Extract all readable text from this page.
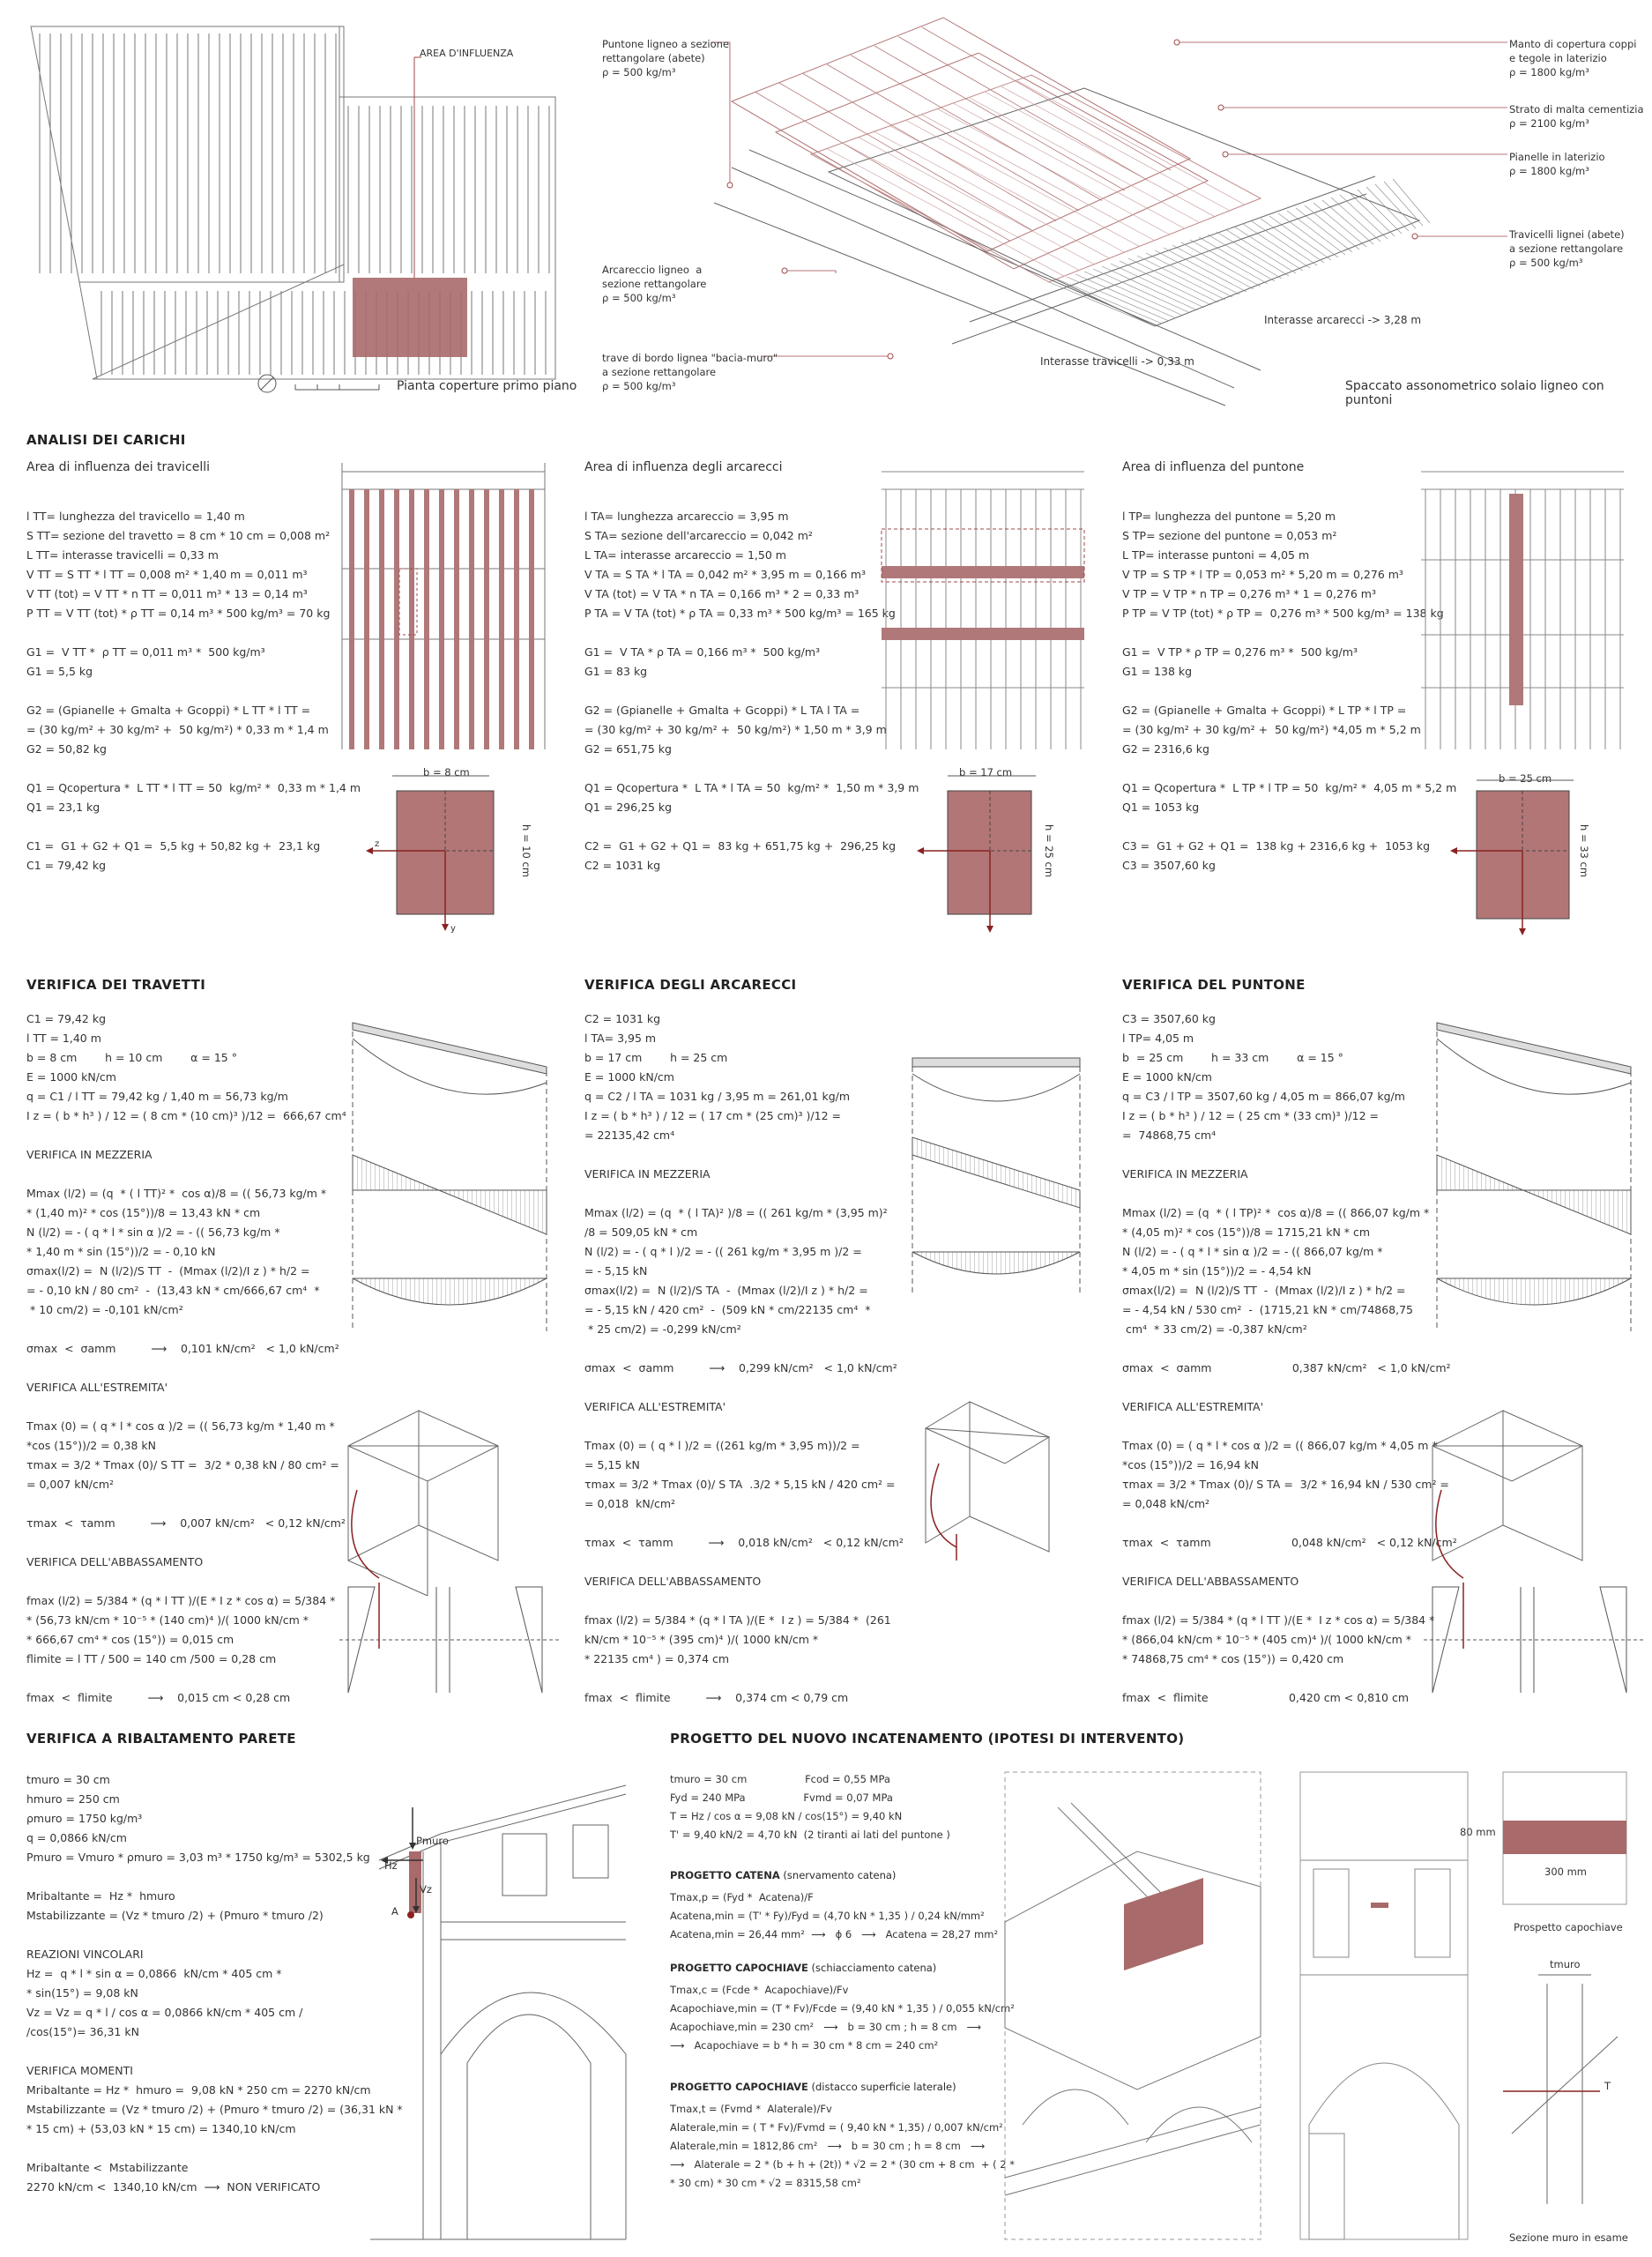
AREA D'INFLUENZA
Pianta coperture primo piano
Puntone ligneo a sezione
rettangolare (abete)
ρ = 500 kg/m³
Arcareccio ligneo  a
sezione rettangolare
ρ = 500 kg/m³
trave di bordo lignea "bacia-muro"
a sezione rettangolare
ρ = 500 kg/m³
Manto di copertura coppi
e tegole in laterizio
ρ = 1800 kg/m³
Strato di malta cementizia
ρ = 2100 kg/m³
Pianelle in laterizio
ρ = 1800 kg/m³
Travicelli lignei (abete)
a sezione rettangolare
ρ = 500 kg/m³
Interasse arcarecci -> 3,28 m
Interasse travicelli -> 0,33 m
Spaccato assonometrico solaio ligneo con puntoni
ANALISI DEI CARICHI
Area di influenza dei travicelli
l TT= lunghezza del travicello = 1,40 m
S TT= sezione del travetto = 8 cm * 10 cm = 0,008 m²
L TT= interasse travicelli = 0,33 m
V TT = S TT * l TT = 0,008 m² * 1,40 m = 0,011 m³
V TT (tot) = V TT * n TT = 0,011 m³ * 13 = 0,14 m³
P TT = V TT (tot) * ρ TT = 0,14 m³ * 500 kg/m³ = 70 kg

G1 =  V TT *  ρ TT = 0,011 m³ *  500 kg/m³
G1 = 5,5 kg

G2 = (Gpianelle + Gmalta + Gcoppi) * L TT * l TT =
= (30 kg/m² + 30 kg/m² +  50 kg/m²) * 0,33 m * 1,4 m
G2 = 50,82 kg

Q1 = Qcopertura *  L TT * l TT = 50  kg/m² *  0,33 m * 1,4 m
Q1 = 23,1 kg

C1 =  G1 + G2 + Q1 =  5,5 kg + 50,82 kg +  23,1 kg
C1 = 79,42 kg
Area di influenza degli arcarecci
l TA= lunghezza arcareccio = 3,95 m
S TA= sezione dell'arcareccio = 0,042 m²
L TA= interasse arcareccio = 1,50 m
V TA = S TA * l TA = 0,042 m² * 3,95 m = 0,166 m³
V TA (tot) = V TA * n TA = 0,166 m³ * 2 = 0,33 m³
P TA = V TA (tot) * ρ TA = 0,33 m³ * 500 kg/m³ = 165 kg

G1 =  V TA * ρ TA = 0,166 m³ *  500 kg/m³
G1 = 83 kg

G2 = (Gpianelle + Gmalta + Gcoppi) * L TA l TA =
= (30 kg/m² + 30 kg/m² +  50 kg/m²) * 1,50 m * 3,9 m
G2 = 651,75 kg

Q1 = Qcopertura *  L TA * l TA = 50  kg/m² *  1,50 m * 3,9 m
Q1 = 296,25 kg

C2 =  G1 + G2 + Q1 =  83 kg + 651,75 kg +  296,25 kg
C2 = 1031 kg
Area di influenza del puntone
l TP= lunghezza del puntone = 5,20 m
S TP= sezione del puntone = 0,053 m²
L TP= interasse puntoni = 4,05 m
V TP = S TP * l TP = 0,053 m² * 5,20 m = 0,276 m³
V TP = V TP * n TP = 0,276 m³ * 1 = 0,276 m³
P TP = V TP (tot) * ρ TP =  0,276 m³ * 500 kg/m³ = 138 kg

G1 =  V TP * ρ TP = 0,276 m³ *  500 kg/m³
G1 = 138 kg

G2 = (Gpianelle + Gmalta + Gcoppi) * L TP * l TP =
= (30 kg/m² + 30 kg/m² +  50 kg/m²) *4,05 m * 5,2 m
G2 = 2316,6 kg

Q1 = Qcopertura *  L TP * l TP = 50  kg/m² *  4,05 m * 5,2 m
Q1 = 1053 kg

C3 =  G1 + G2 + Q1 =  138 kg + 2316,6 kg +  1053 kg
C3 = 3507,60 kg
b = 8 cm
z
y
h = 10 cm
b = 17 cm
h = 25 cm
b = 25 cm
h = 33 cm
VERIFICA DEI TRAVETTI
C1 = 79,42 kg
l TT = 1,40 m
b = 8 cm        h = 10 cm        α = 15 °
E = 1000 kN/cm
q = C1 / l TT = 79,42 kg / 1,40 m = 56,73 kg/m
I z = ( b * h³ ) / 12 = ( 8 cm * (10 cm)³ )/12 =  666,67 cm⁴

VERIFICA IN MEZZERIA

Mmax (l/2) = (q  * ( l TT)² *  cos α)/8 = (( 56,73 kg/m *
* (1,40 m)² * cos (15°))/8 = 13,43 kN * cm
N (l/2) = - ( q * l * sin α )/2 = - (( 56,73 kg/m *
* 1,40 m * sin (15°))/2 = - 0,10 kN
σmax(l/2) =  N (l/2)/S TT  -  (Mmax (l/2)/I z ) * h/2 =
= - 0,10 kN / 80 cm²  -  (13,43 kN * cm/666,67 cm⁴  *
* 10 cm/2) = -0,101 kN/cm²

σmax  <  σamm          ⟶    0,101 kN/cm²   < 1,0 kN/cm²

VERIFICA ALL'ESTREMITA'

Tmax (0) = ( q * l * cos α )/2 = (( 56,73 kg/m * 1,40 m *
*cos (15°))/2 = 0,38 kN
τmax = 3/2 * Tmax (0)/ S TT =  3/2 * 0,38 kN / 80 cm² =
= 0,007 kN/cm²

τmax  <  τamm          ⟶    0,007 kN/cm²   < 0,12 kN/cm²

VERIFICA DELL'ABBASSAMENTO

fmax (l/2) = 5/384 * (q * l TT )/(E * I z * cos α) = 5/384 *
* (56,73 kN/cm * 10⁻⁵ * (140 cm)⁴ )/( 1000 kN/cm *
* 666,67 cm⁴ * cos (15°)) = 0,015 cm
flimite = l TT / 500 = 140 cm /500 = 0,28 cm

fmax  <  flimite          ⟶    0,015 cm < 0,28 cm
VERIFICA DEGLI ARCARECCI
C2 = 1031 kg
l TA= 3,95 m
b = 17 cm        h = 25 cm
E = 1000 kN/cm
q = C2 / l TA = 1031 kg / 3,95 m = 261,01 kg/m
I z = ( b * h³ ) / 12 = ( 17 cm * (25 cm)³ )/12 =
= 22135,42 cm⁴

VERIFICA IN MEZZERIA

Mmax (l/2) = (q  * ( l TA)² )/8 = (( 261 kg/m * (3,95 m)²
/8 = 509,05 kN * cm
N (l/2) = - ( q * l )/2 = - (( 261 kg/m * 3,95 m )/2 =
= - 5,15 kN
σmax(l/2) =  N (l/2)/S TA  -  (Mmax (l/2)/I z ) * h/2 =
= - 5,15 kN / 420 cm²  -  (509 kN * cm/22135 cm⁴  *
* 25 cm/2) = -0,299 kN/cm²

σmax  <  σamm          ⟶    0,299 kN/cm²   < 1,0 kN/cm²

VERIFICA ALL'ESTREMITA'

Tmax (0) = ( q * l )/2 = ((261 kg/m * 3,95 m))/2 =
= 5,15 kN
τmax = 3/2 * Tmax (0)/ S TA  .3/2 * 5,15 kN / 420 cm² =
= 0,018  kN/cm²

τmax  <  τamm          ⟶    0,018 kN/cm²   < 0,12 kN/cm²

VERIFICA DELL'ABBASSAMENTO

fmax (l/2) = 5/384 * (q * l TA )/(E *  I z ) = 5/384 *  (261
kN/cm * 10⁻⁵ * (395 cm)⁴ )/( 1000 kN/cm *
* 22135 cm⁴ ) = 0,374 cm

fmax  <  flimite          ⟶    0,374 cm < 0,79 cm
VERIFICA DEL PUNTONE
C3 = 3507,60 kg
l TP= 4,05 m
b  = 25 cm        h = 33 cm        α = 15 °
E = 1000 kN/cm
q = C3 / l TP = 3507,60 kg / 4,05 m = 866,07 kg/m
I z = ( b * h³ ) / 12 = ( 25 cm * (33 cm)³ )/12 =
=  74868,75 cm⁴

VERIFICA IN MEZZERIA

Mmax (l/2) = (q  * ( l TP)² *  cos α)/8 = (( 866,07 kg/m *
* (4,05 m)² * cos (15°))/8 = 1715,21 kN * cm
N (l/2) = - ( q * l * sin α )/2 = - (( 866,07 kg/m *
* 4,05 m * sin (15°))/2 = - 4,54 kN
σmax(l/2) =  N (l/2)/S TT  -  (Mmax (l/2)/I z ) * h/2 =
= - 4,54 kN / 530 cm²  -  (1715,21 kN * cm/74868,75
cm⁴  * 33 cm/2) = -0,387 kN/cm²

σmax  <  σamm                       0,387 kN/cm²   < 1,0 kN/cm²

VERIFICA ALL'ESTREMITA'

Tmax (0) = ( q * l * cos α )/2 = (( 866,07 kg/m * 4,05 m *
*cos (15°))/2 = 16,94 kN
τmax = 3/2 * Tmax (0)/ S TA =  3/2 * 16,94 kN / 530 cm² =
= 0,048 kN/cm²

τmax  <  τamm                       0,048 kN/cm²   < 0,12 kN/cm²

VERIFICA DELL'ABBASSAMENTO

fmax (l/2) = 5/384 * (q * l TT )/(E *  I z * cos α) = 5/384 *
* (866,04 kN/cm * 10⁻⁵ * (405 cm)⁴ )/( 1000 kN/cm *
* 74868,75 cm⁴ * cos (15°)) = 0,420 cm

fmax  <  flimite                       0,420 cm < 0,810 cm
VERIFICA A RIBALTAMENTO PARETE
tmuro = 30 cm
hmuro = 250 cm
ρmuro = 1750 kg/m³
q = 0,0866 kN/cm
Pmuro = Vmuro * ρmuro = 3,03 m³ * 1750 kg/m³ = 5302,5 kg

Mribaltante =  Hz *  hmuro
Mstabilizzante = (Vz * tmuro /2) + (Pmuro * tmuro /2)

REAZIONI VINCOLARI
Hz =  q * l * sin α = 0,0866  kN/cm * 405 cm *
* sin(15°) = 9,08 kN
Vz = Vz = q * l / cos α = 0,0866 kN/cm * 405 cm /
/cos(15°)= 36,31 kN

VERIFICA MOMENTI
Mribaltante = Hz *  hmuro =  9,08 kN * 250 cm = 2270 kN/cm
Mstabilizzante = (Vz * tmuro /2) + (Pmuro * tmuro /2) = (36,31 kN *
* 15 cm) + (53,03 kN * 15 cm) = 1340,10 kN/cm

Mribaltante <  Mstabilizzante
2270 kN/cm <  1340,10 kN/cm  ⟶  NON VERIFICATO
Pmuro
Hz
Vz
A
PROGETTO DEL NUOVO INCATENAMENTO (IPOTESI DI INTERVENTO)
tmuro = 30 cm                  Fcod = 0,55 MPa
Fyd = 240 MPa                  Fvmd = 0,07 MPa
T = Hz / cos α = 9,08 kN / cos(15°) = 9,40 kN
T' = 9,40 kN/2 = 4,70 kN  (2 tiranti ai lati del puntone )
PROGETTO CATENA (snervamento catena)
Tmax,p = (Fyd *  Acatena)/F
Acatena,min = (T' * Fy)/Fyd = (4,70 kN * 1,35 ) / 0,24 kN/mm²
Acatena,min = 26,44 mm²  ⟶   ϕ 6   ⟶   Acatena = 28,27 mm²
PROGETTO CAPOCHIAVE (schiacciamento catena)
Tmax,c = (Fcde *  Acapochiave)/Fv
Acapochiave,min = (T * Fv)/Fcde = (9,40 kN * 1,35 ) / 0,055 kN/cm²
Acapochiave,min = 230 cm²   ⟶   b = 30 cm ; h = 8 cm   ⟶
⟶   Acapochiave = b * h = 30 cm * 8 cm = 240 cm²
PROGETTO CAPOCHIAVE (distacco superficie laterale)
Tmax,t = (Fvmd *  Alaterale)/Fv
Alaterale,min = ( T * Fv)/Fvmd = ( 9,40 kN * 1,35) / 0,007 kN/cm²
Alaterale,min = 1812,86 cm²   ⟶   b = 30 cm ; h = 8 cm   ⟶
⟶   Alaterale = 2 * (b + h + (2t)) * √2 = 2 * (30 cm + 8 cm  + ( 2 *
* 30 cm) * 30 cm * √2 = 8315,58 cm²
80 mm
300 mm
Prospetto capochiave
tmuro
T
Sezione muro in esame
